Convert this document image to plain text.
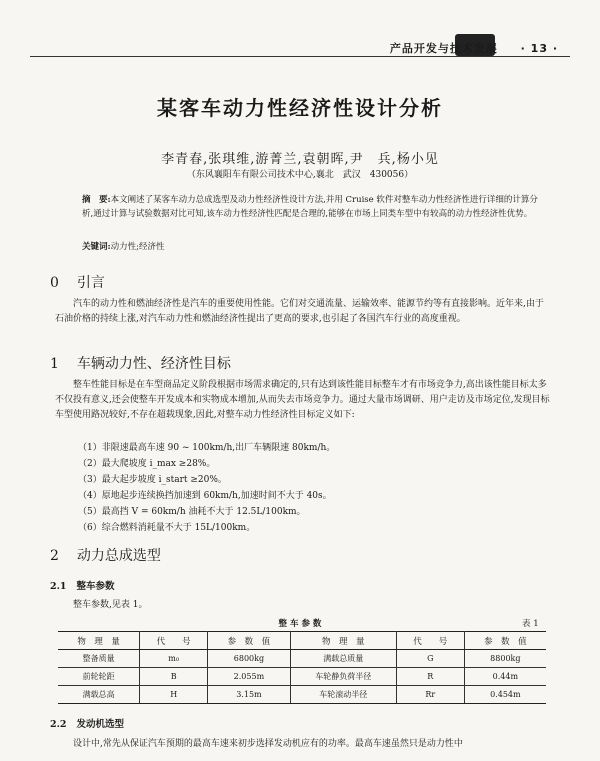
产品开发与技术发展 · 13 ·
某客车动力性经济性设计分析
李青春,张琪维,游菁兰,袁朝晖,尹　兵,杨小见
（东风襄阳车有限公司技术中心,襄北　武汉　430056）
摘　要:本文阐述了某客车动力总成选型及动力性经济性设计方法,并用 Cruise 软件对整车动力性经济性进行详细的计算分析,通过计算与试验数据对比可知,该车动力性经济性匹配是合理的,能够在市场上同类车型中有较高的动力性经济性优势。
关键词:动力性;经济性
0 引言
汽车的动力性和燃油经济性是汽车的重要使用性能。它们对交通流量、运输效率、能源节约等有直接影响。近年来,由于石油价格的持续上涨,对汽车动力性和燃油经济性提出了更高的要求,也引起了各国汽车行业的高度重视。
1 车辆动力性、经济性目标
整车性能目标是在车型商品定义阶段根据市场需求确定的,只有达到该性能目标整车才有市场竞争力,高出该性能目标太多不仅投有意义,还会使整车开发成本和实物成本增加,从而失去市场竞争力。通过大量市场调研、用户走访及市场定位,发现目标车型使用路况较好,不存在超载现象,因此,对整车动力性经济性目标定义如下:
（1）非限速最高车速 90 ~ 100km/h,出厂车辆限速 80km/h。
（2）最大爬坡度 i_max ≥28%。
（3）最大起步坡度 i_start ≥20%。
（4）原地起步连续换挡加速到 60km/h,加速时间不大于 40s。
（5）最高挡 V = 60km/h 油耗不大于 12.5L/100km。
（6）综合燃料消耗量不大于 15L/100km。
2 动力总成选型
2.1 整车参数
整车参数,见表 1。
整 车 参 数	表 1
物　理　量	代　　号	参　数　值	物　理　量	代　　号	参　数　值
整备质量	m₀	6800kg	满载总质量	G	8800kg
前轮轮距	B	2.055m	车轮静负荷半径	R	0.44m
满载总高	H	3.15m	车轮滚动半径	Rr	0.454m
2.2 发动机选型
设计中,常先从保证汽车预期的最高车速来初步选择发动机应有的功率。最高车速虽然只是动力性中
